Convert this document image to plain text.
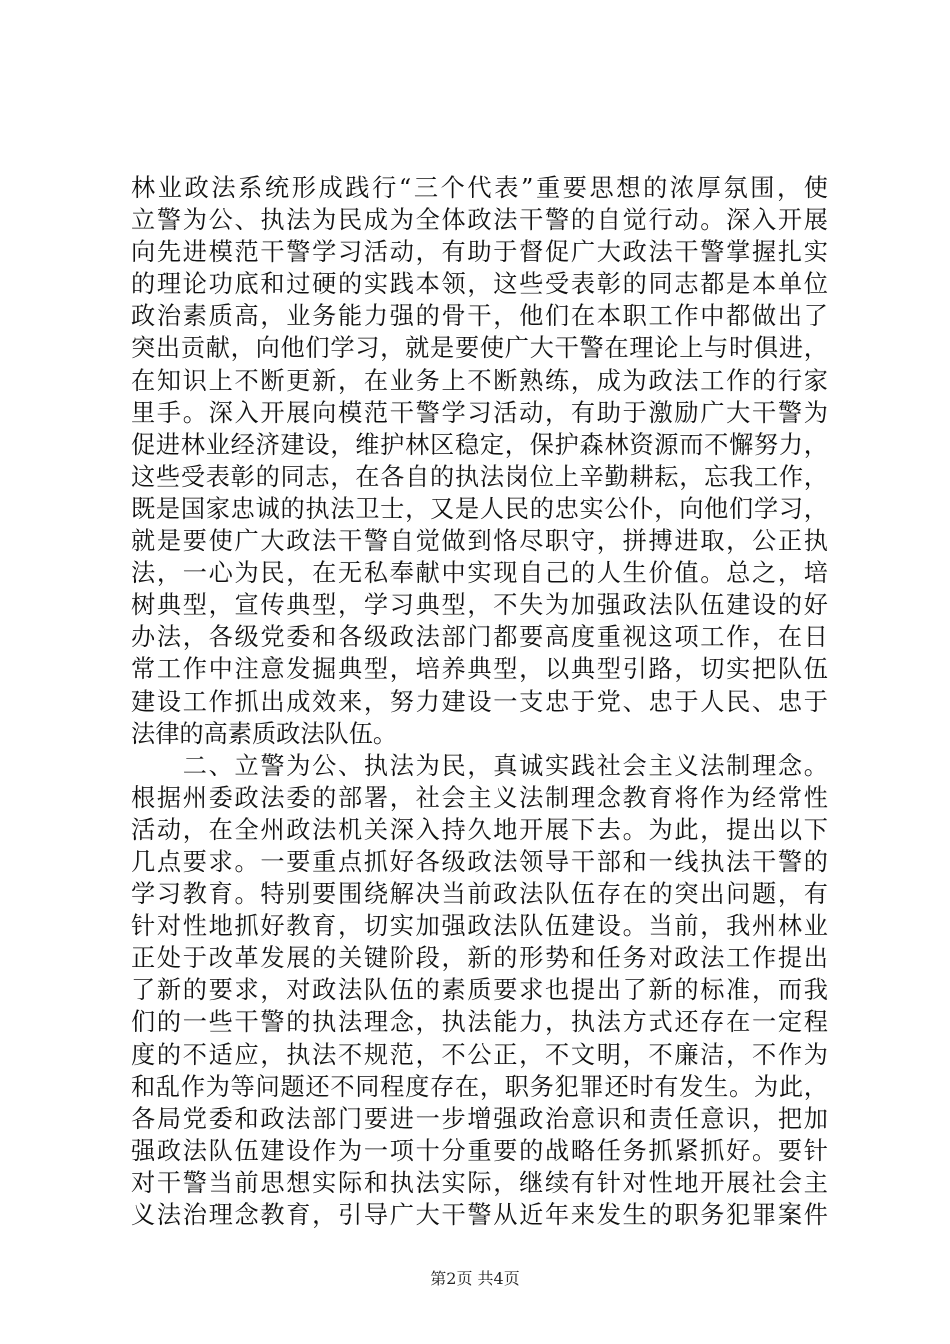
林业政法系统形成践行“三个代表”重要思想的浓厚氛围，使
立警为公、执法为民成为全体政法干警的自觉行动。深入开展
向先进模范干警学习活动，有助于督促广大政法干警掌握扎实
的理论功底和过硬的实践本领，这些受表彰的同志都是本单位
政治素质高，业务能力强的骨干，他们在本职工作中都做出了
突出贡献，向他们学习，就是要使广大干警在理论上与时俱进，
在知识上不断更新，在业务上不断熟练，成为政法工作的行家
里手。深入开展向模范干警学习活动，有助于激励广大干警为
促进林业经济建设，维护林区稳定，保护森林资源而不懈努力，
这些受表彰的同志，在各自的执法岗位上辛勤耕耘，忘我工作，
既是国家忠诚的执法卫士，又是人民的忠实公仆，向他们学习，
就是要使广大政法干警自觉做到恪尽职守，拼搏进取，公正执
法，一心为民，在无私奉献中实现自己的人生价值。总之，培
树典型，宣传典型，学习典型，不失为加强政法队伍建设的好
办法，各级党委和各级政法部门都要高度重视这项工作，在日
常工作中注意发掘典型，培养典型，以典型引路，切实把队伍
建设工作抓出成效来，努力建设一支忠于党、忠于人民、忠于
法律的高素质政法队伍。
　　二、立警为公、执法为民，真诚实践社会主义法制理念。
根据州委政法委的部署，社会主义法制理念教育将作为经常性
活动，在全州政法机关深入持久地开展下去。为此，提出以下
几点要求。一要重点抓好各级政法领导干部和一线执法干警的
学习教育。特别要围绕解决当前政法队伍存在的突出问题，有
针对性地抓好教育，切实加强政法队伍建设。当前，我州林业
正处于改革发展的关键阶段，新的形势和任务对政法工作提出
了新的要求，对政法队伍的素质要求也提出了新的标准，而我
们的一些干警的执法理念，执法能力，执法方式还存在一定程
度的不适应，执法不规范，不公正，不文明，不廉洁，不作为
和乱作为等问题还不同程度存在，职务犯罪还时有发生。为此，
各局党委和政法部门要进一步增强政治意识和责任意识，把加
强政法队伍建设作为一项十分重要的战略任务抓紧抓好。要针
对干警当前思想实际和执法实际，继续有针对性地开展社会主
义法治理念教育，引导广大干警从近年来发生的职务犯罪案件
第2页 共4页
